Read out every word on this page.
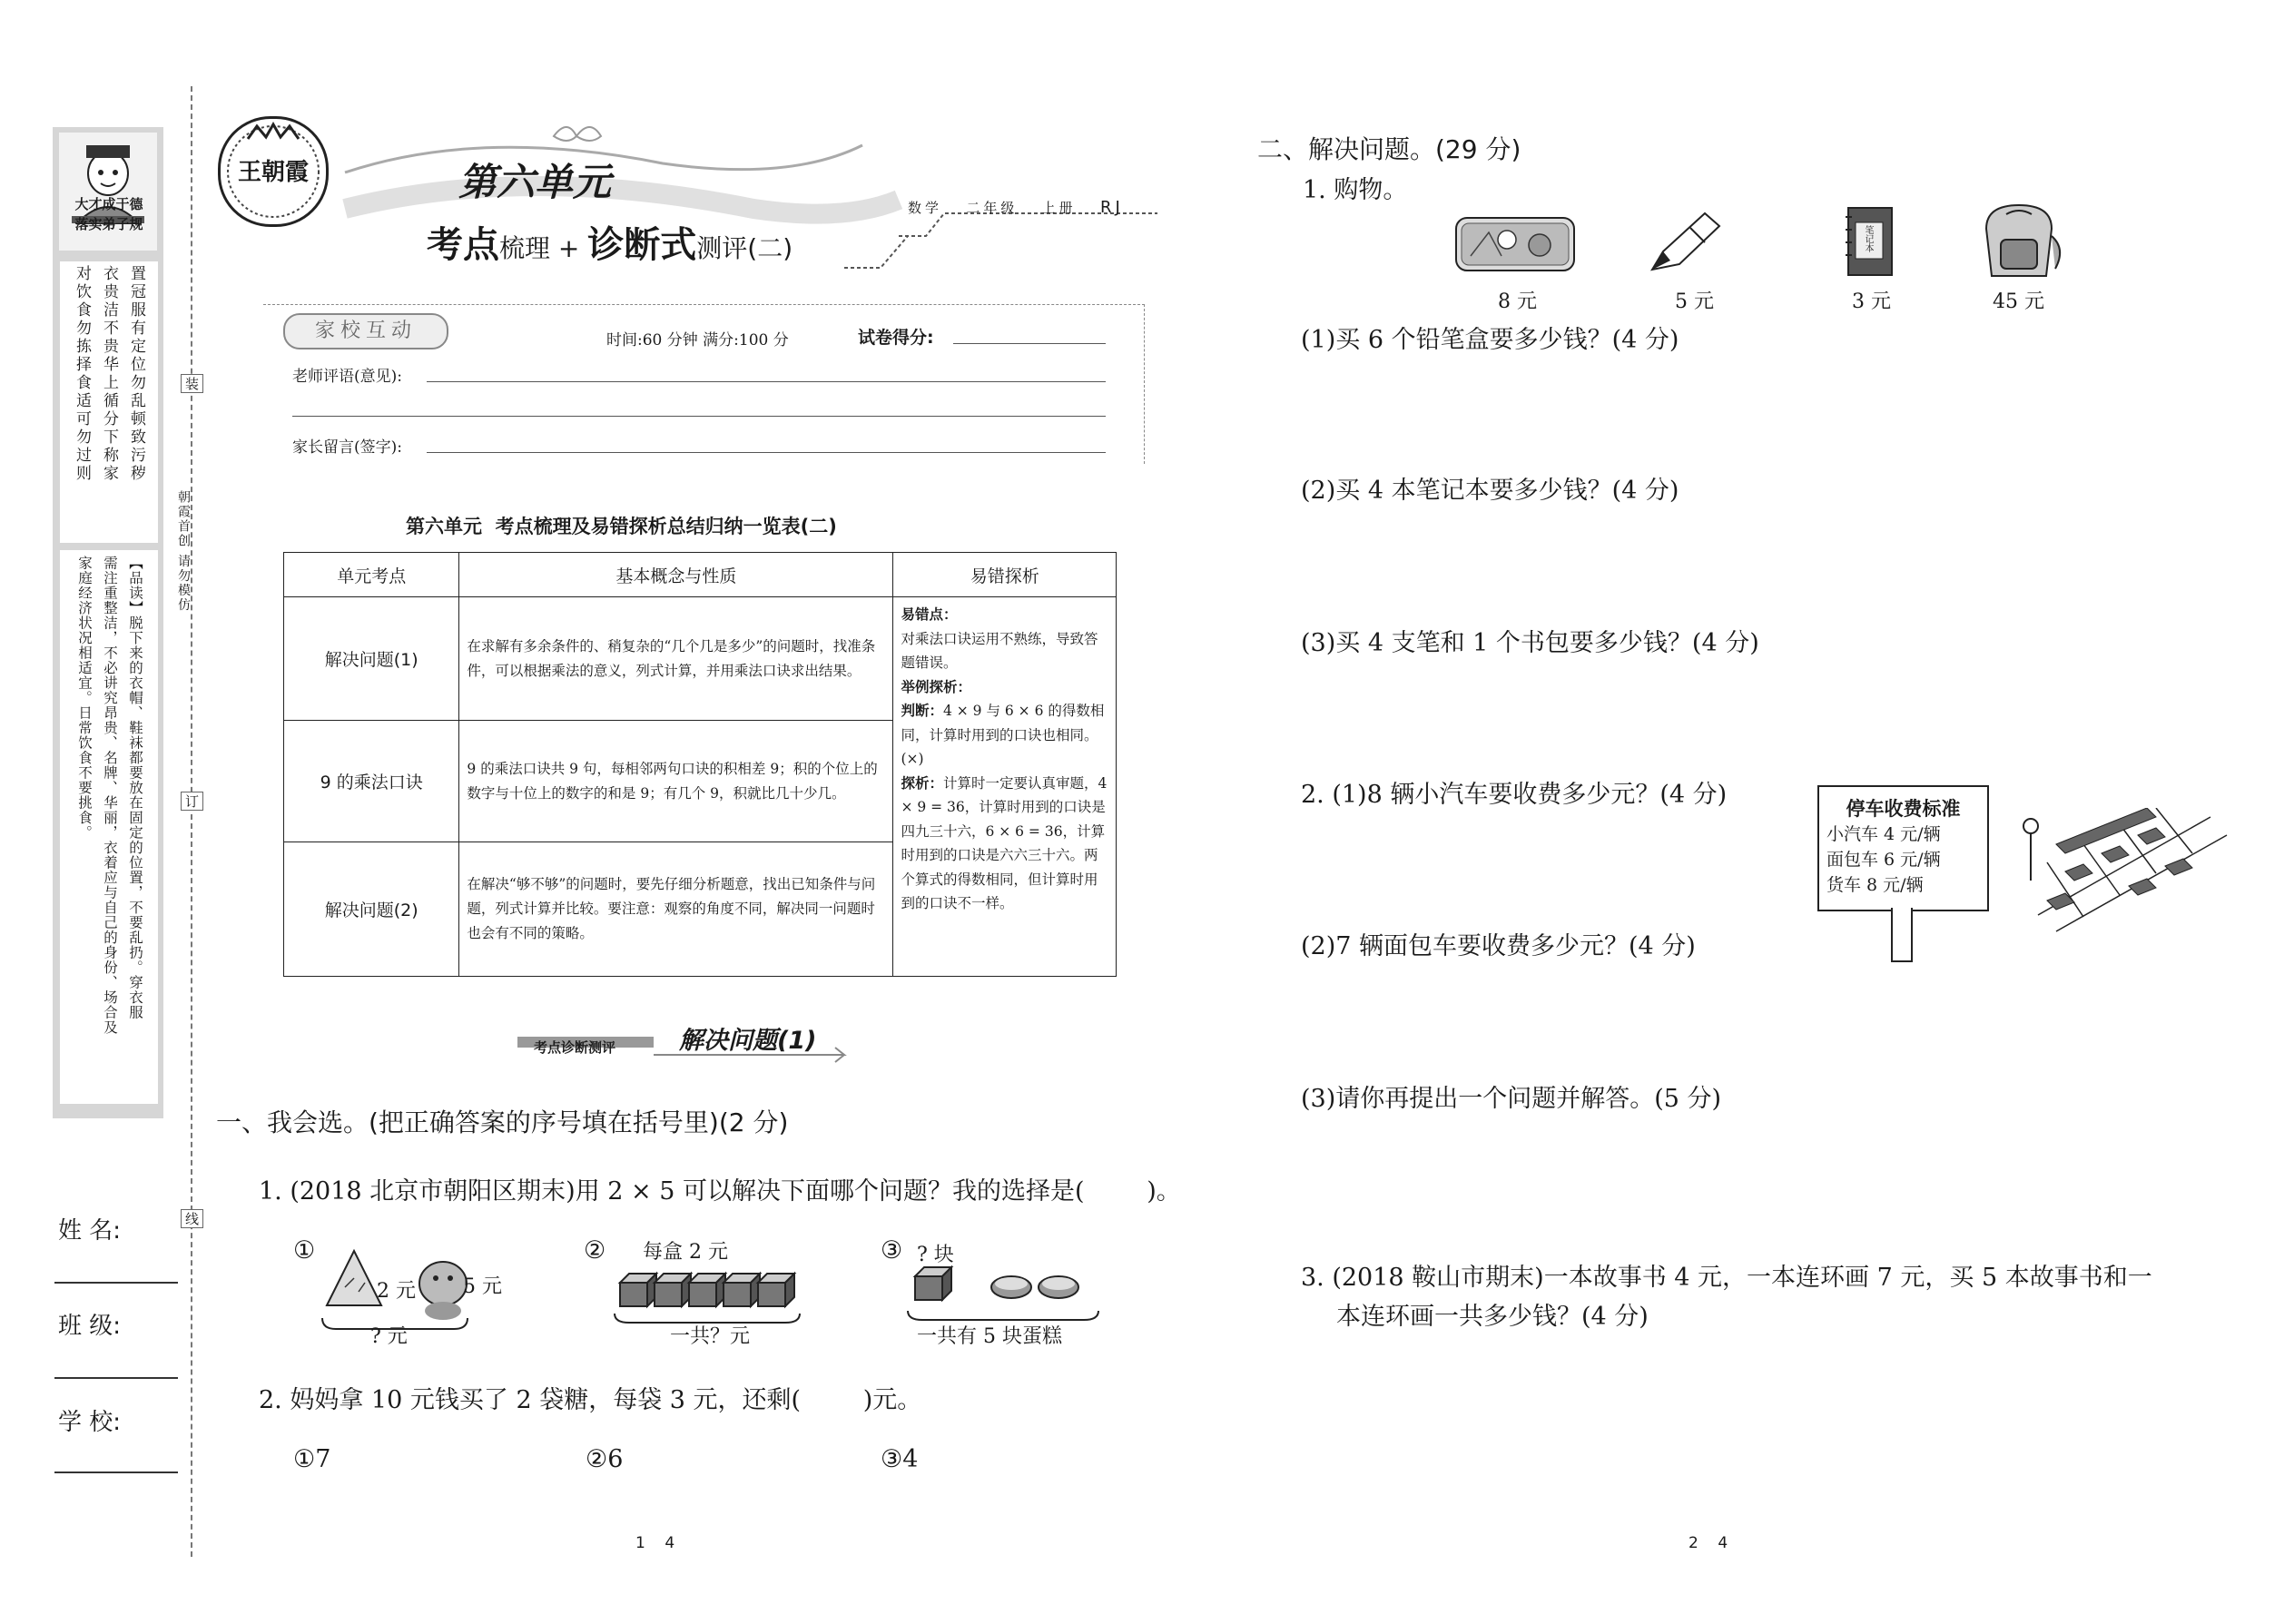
大才成于德
落实弟子规
置冠服有定位勿乱顿致污秽
衣贵洁不贵华上循分下称家
对饮食勿拣择食适可勿过则
【品读】脱下来的衣帽、鞋袜都要放在固定的位置，不要乱扔。穿衣服
需注重整洁，不必讲究昂贵、名牌、华丽，衣着应与自己的身份、场合及
家庭经济状况相适宜。日常饮食不要挑食。
装
订
线
朝霞首创 请勿模仿
姓 名:
班 级:
学 校:
王朝霞	第六单元
考点梳理 + 诊断式测评(二)
数学 二年级 上册 RJ
家校互动	时间:60 分钟 满分:100 分	试卷得分:
老师评语(意见):
家长留言(签字):
第六单元  考点梳理及易错探析总结归纳一览表(二)
单元考点	基本概念与性质	易错探析
解决问题(1)	在求解有多余条件的、稍复杂的“几个几是多少”的问题时，找准条件，可以根据乘法的意义，列式计算，并用乘法口诀求出结果。	易错点：
对乘法口诀运用不熟练，导致答题错误。
举例探析：
判断：4 × 9 与 6 × 6 的得数相同，计算时用到的口诀也相同。(×)
探析：计算时一定要认真审题，4 × 9 = 36，计算时用到的口诀是四九三十六，6 × 6 = 36，计算时用到的口诀是六六三十六。两个算式的得数相同，但计算时用到的口诀不一样。

9 的乘法口诀	9 的乘法口诀共 9 句，每相邻两句口诀的积相差 9；积的个位上的数字与十位上的数字的和是 9；有几个 9，积就比几十少几。	
解决问题(2)	在解决“够不够”的问题时，要先仔细分析题意，找出已知条件与问题，列式计算并比较。要注意：观察的角度不同，解决同一问题时也会有不同的策略。	
考点诊断测评	解决问题(1)
一、我会选。(把正确答案的序号填在括号里)(2 分)
1. (2018 北京市朝阳区期末)用 2 × 5 可以解决下面哪个问题？我的选择是(        )。
①
2 元 5 元
? 元
② 每盒 2 元
一共？元
③ ? 块
一共有 5 块蛋糕
2. 妈妈拿 10 元钱买了 2 袋糖，每袋 3 元，还剩(        )元。
①7	②6	③4
1    4
二、解决问题。(29 分)
1. 购物。
8 元	5 元
笔记本
3 元	45 元
(1)买 6 个铅笔盒要多少钱？(4 分)
(2)买 4 本笔记本要多少钱？(4 分)
(3)买 4 支笔和 1 个书包要多少钱？(4 分)
2. (1)8 辆小汽车要收费多少元？(4 分)
(2)7 辆面包车要收费多少元？(4 分)
(3)请你再提出一个问题并解答。(5 分)
停车收费标准
小汽车 4 元/辆
面包车 6 元/辆
货车 8 元/辆
3. (2018 鞍山市期末)一本故事书 4 元，一本连环画 7 元，买 5 本故事书和一
本连环画一共多少钱？(4 分)
2    4
